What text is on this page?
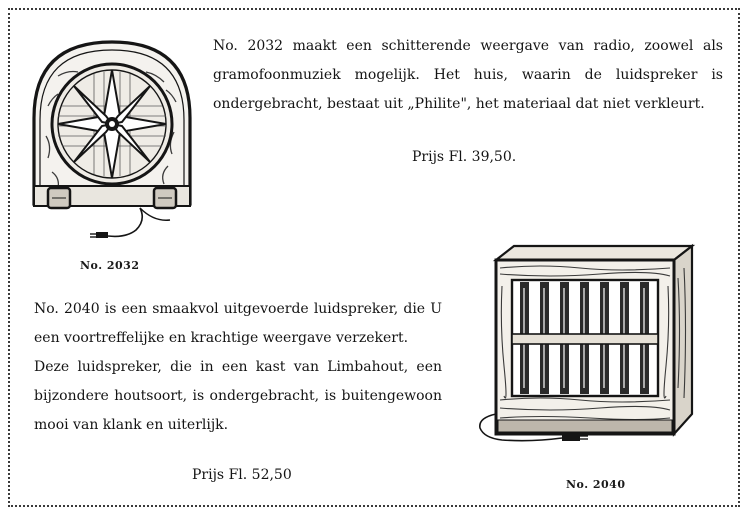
No. 2032

No. 2032 maakt een schitterende weergave van radio, zoowel als gramofoonmuziek mogelijk. Het huis, waarin de luidspreker is ondergebracht, bestaat uit „Philite", het materiaal dat niet verkleurt.

Prijs Fl. 39,50.

No. 2040 is een smaakvol uitgevoerde luidspreker, die U een voortreffelijke en krachtige weergave verzekert.

Deze luidspreker, die in een kast van Limbahout, een bijzondere houtsoort, is ondergebracht, is buitengewoon mooi van klank en uiterlijk.

Prijs Fl. 52,50
No. 2040
